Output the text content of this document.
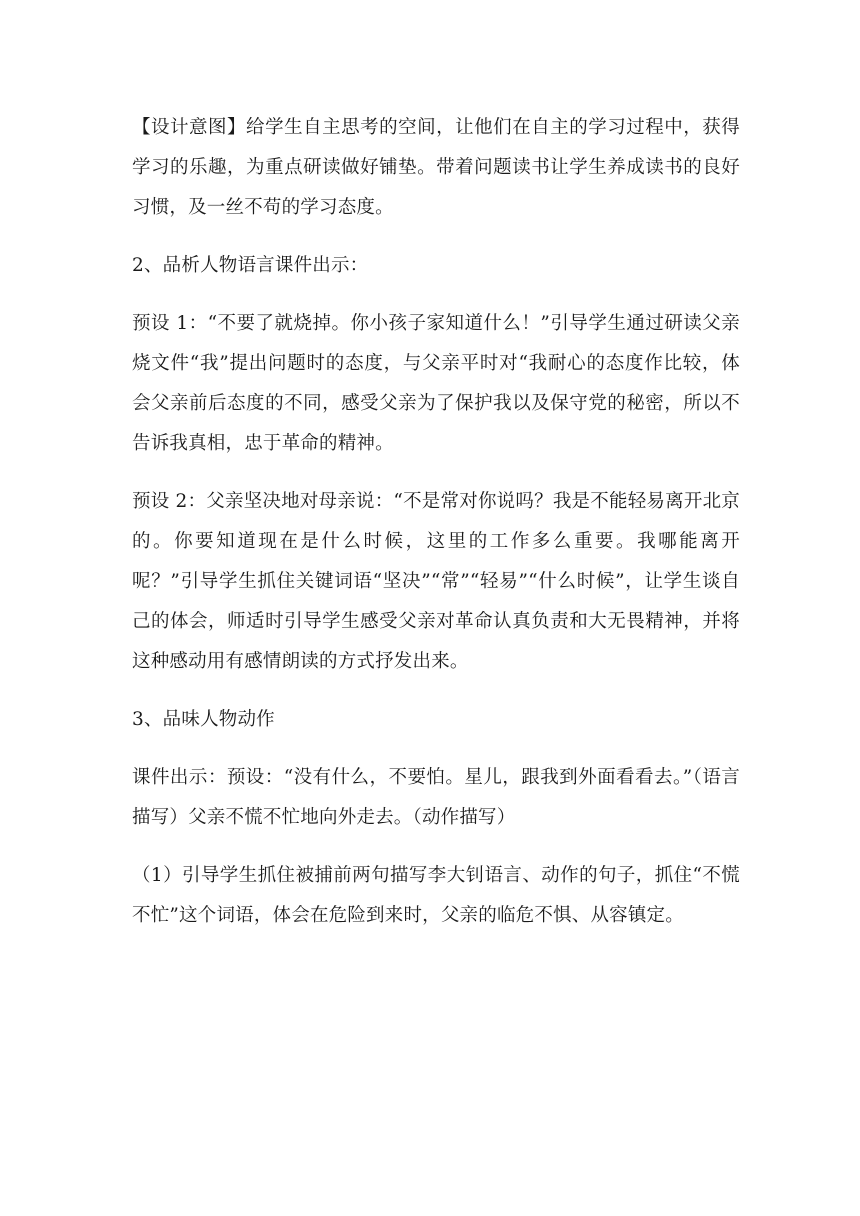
【设计意图】给学生自主思考的空间，让他们在自主的学习过程中，获得学习的乐趣，为重点研读做好铺垫。带着问题读书让学生养成读书的良好习惯，及一丝不苟的学习态度。

2、品析人物语言课件出示：

预设 1：“不要了就烧掉。你小孩子家知道什么！”引导学生通过研读父亲烧文件“我”提出问题时的态度，与父亲平时对“我耐心的态度作比较，体会父亲前后态度的不同，感受父亲为了保护我以及保守党的秘密，所以不告诉我真相，忠于革命的精神。

预设 2：父亲坚决地对母亲说：“不是常对你说吗？我是不能轻易离开北京的。你要知道现在是什么时候，这里的工作多么重要。我哪能离开呢？”引导学生抓住关键词语“坚决”“常”“轻易”“什么时候”，让学生谈自己的体会，师适时引导学生感受父亲对革命认真负责和大无畏精神，并将这种感动用有感情朗读的方式抒发出来。

3、品味人物动作

课件出示：预设：“没有什么，不要怕。星儿，跟我到外面看看去。”（语言描写）父亲不慌不忙地向外走去。（动作描写）

（1）引导学生抓住被捕前两句描写李大钊语言、动作的句子，抓住“不慌不忙”这个词语，体会在危险到来时，父亲的临危不惧、从容镇定。
